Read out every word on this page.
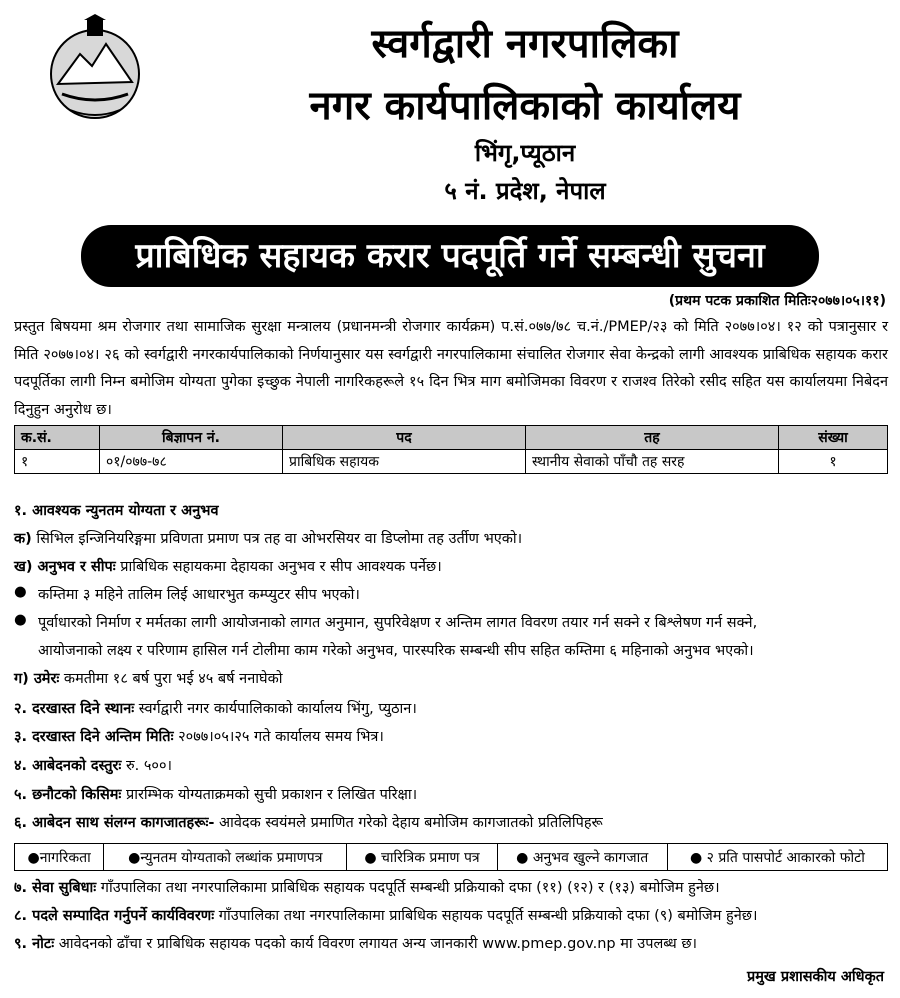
स्वर्गद्वारी नगरपालिका
नगर कार्यपालिकाको कार्यालय
भिंगृ,प्यूठान
५ नं. प्रदेश, नेपाल
प्राबिधिक सहायक करार पदपूर्ति गर्ने सम्बन्धी सुचना
(प्रथम पटक प्रकाशित मितिः२०७७।०५।११)
प्रस्तुत बिषयमा श्रम रोजगार तथा सामाजिक सुरक्षा मन्त्रालय (प्रधानमन्त्री रोजगार कार्यक्रम) प.सं.०७७/७८ च.नं./PMEP/२३ को मिति २०७७।०४। १२ को पत्रानुसार र मिति २०७७।०४। २६ को स्वर्गद्वारी नगरकार्यपालिकाको निर्णयानुसार यस स्वर्गद्वारी नगरपालिकामा संचालित रोजगार सेवा केन्द्रको लागी आवश्यक प्राबिधिक सहायक करार पदपूर्तिका लागी निम्न बमोजिम योग्यता पुगेका इच्छुक नेपाली नागरिकहरूले १५ दिन भित्र माग बमोजिमका विवरण र राजश्व तिरेको रसीद सहित यस कार्यालयमा निबेदन दिनुहुन अनुरोध छ।
क.सं.	बिज्ञापन नं.	पद	तह	संख्या
१	०१/०७७-७८	प्राबिधिक सहायक	स्थानीय सेवाको पाँचौ तह सरह	१
१. आवश्यक न्युनतम योग्यता र अनुभव
क) सिभिल इन्जिनियरिङ्गमा प्रविणता प्रमाण पत्र तह वा ओभरसियर वा डिप्लोमा तह उर्तीण भएको।
ख) अनुभव र सीपः प्राबिधिक सहायकमा देहायका अनुभव र सीप आवश्यक पर्नेछ।
● कम्तिमा ३ महिने तालिम लिई आधारभुत कम्प्युटर सीप भएको।
● पूर्वाधारको निर्माण र मर्मतका लागी आयोजनाको लागत अनुमान, सुपरिवेक्षण र अन्तिम लागत विवरण तयार गर्न सक्ने र बिश्लेषण गर्न सक्ने,
आयोजनाको लक्ष्य र परिणाम हासिल गर्न टोलीमा काम गरेको अनुभव, पारस्परिक सम्बन्धी सीप सहित कम्तिमा ६ महिनाको अनुभव भएको।
ग) उमेरः कमतीमा १८ बर्ष पुरा भई ४५ बर्ष ननाघेको
२. दरखास्त दिने स्थानः स्वर्गद्वारी नगर कार्यपालिकाको कार्यालय भिंगु, प्युठान।
३. दरखास्त दिने अन्तिम मितिः २०७७।०५।२५ गते कार्यालय समय भित्र।
४. आबेदनको दस्तुरः रु. ५००।
५. छनौटको किसिमः प्रारम्भिक योग्यताक्रमको सुची प्रकाशन र लिखित परिक्षा।
६. आबेदन साथ संलग्न कागजातहरूः- आवेदक स्वयंमले प्रमाणित गरेको देहाय बमोजिम कागजातको प्रतिलिपिहरू
●नागरिकता	●न्युनतम योग्यताको लब्धांक प्रमाणपत्र	● चारित्रिक प्रमाण पत्र	● अनुभव खुल्ने कागजात	● २ प्रति पासपोर्ट आकारको फोटो
७. सेवा सुबिधाः गाँउपालिका तथा नगरपालिकामा प्राबिधिक सहायक पदपूर्ति सम्बन्धी प्रक्रियाको दफा (११) (१२) र (१३) बमोजिम हुनेछ।
८. पदले सम्पादित गर्नुपर्ने कार्यविवरणः गाँउपालिका तथा नगरपालिकामा प्राबिधिक सहायक पदपूर्ति सम्बन्धी प्रक्रियाको दफा (९) बमोजिम हुनेछ।
९. नोटः आवेदनको ढाँचा र प्राबिधिक सहायक पदको कार्य विवरण लगायत अन्य जानकारी www.pmep.gov.np मा उपलब्ध छ।
प्रमुख प्रशासकीय अधिकृत
